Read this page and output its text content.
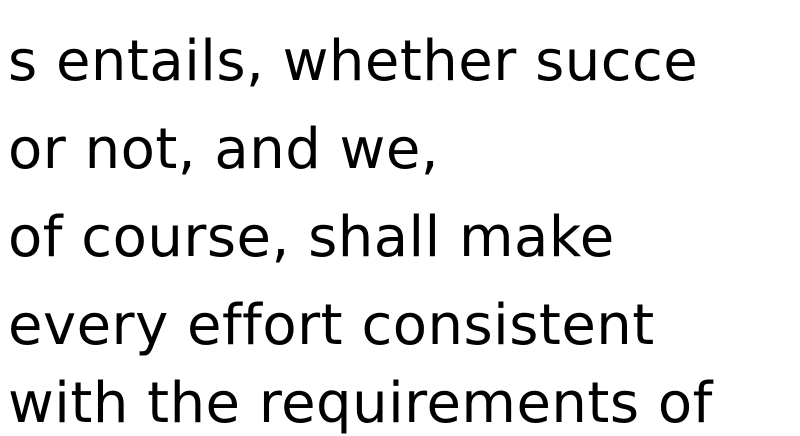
s entails, whether succe
or not, and we,
of course, shall make
every effort consistent
with the requirements of
